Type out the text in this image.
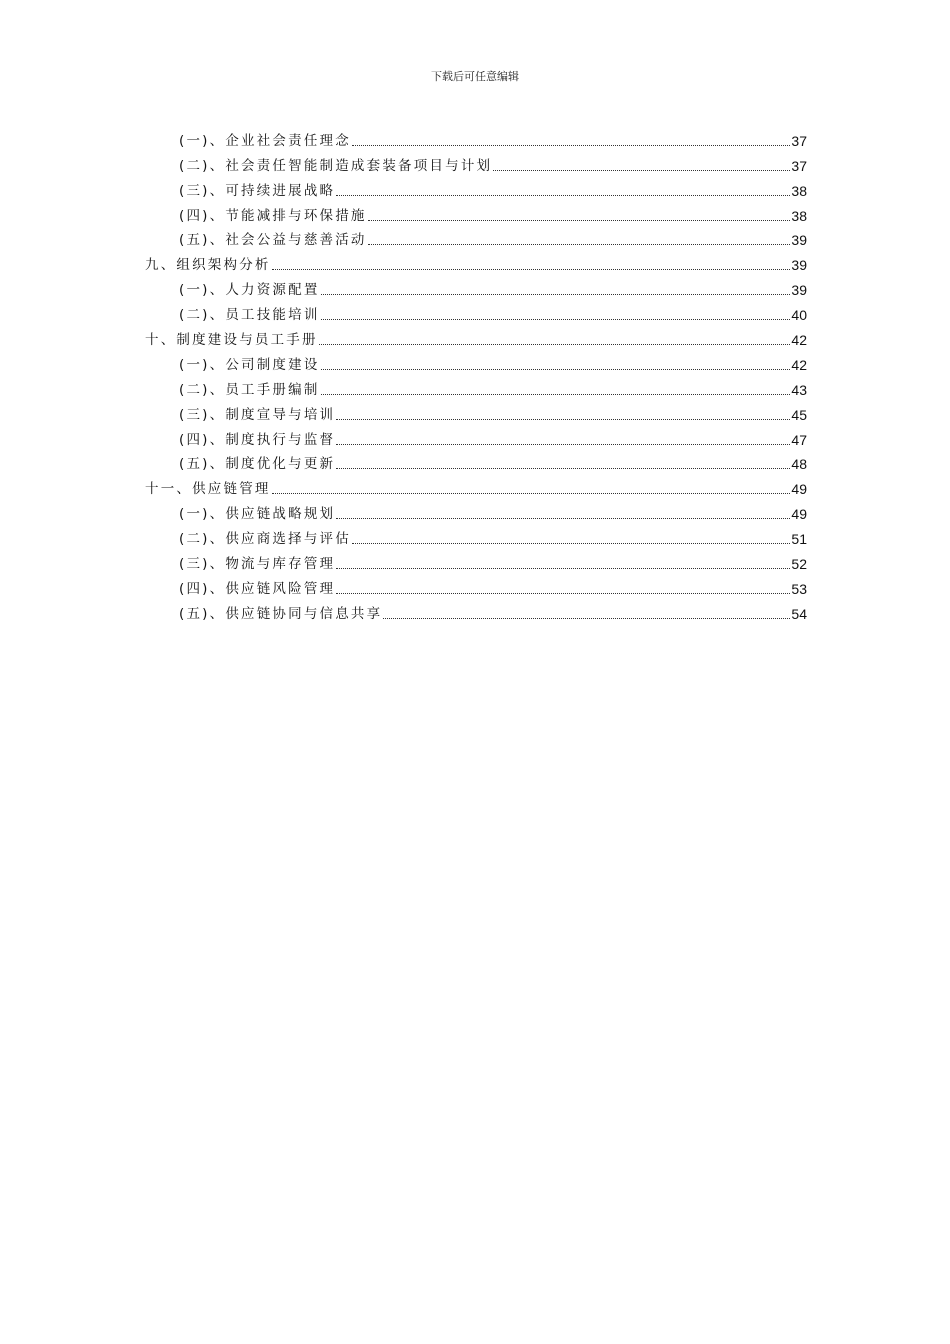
下载后可任意编辑
(一)、企业社会责任理念	37
(二)、社会责任智能制造成套装备项目与计划	37
(三)、可持续进展战略	38
(四)、节能减排与环保措施	38
(五)、社会公益与慈善活动	39
九、组织架构分析	39
(一)、人力资源配置	39
(二)、员工技能培训	40
十、制度建设与员工手册	42
(一)、公司制度建设	42
(二)、员工手册编制	43
(三)、制度宣导与培训	45
(四)、制度执行与监督	47
(五)、制度优化与更新	48
十一、供应链管理	49
(一)、供应链战略规划	49
(二)、供应商选择与评估	51
(三)、物流与库存管理	52
(四)、供应链风险管理	53
(五)、供应链协同与信息共享	54
